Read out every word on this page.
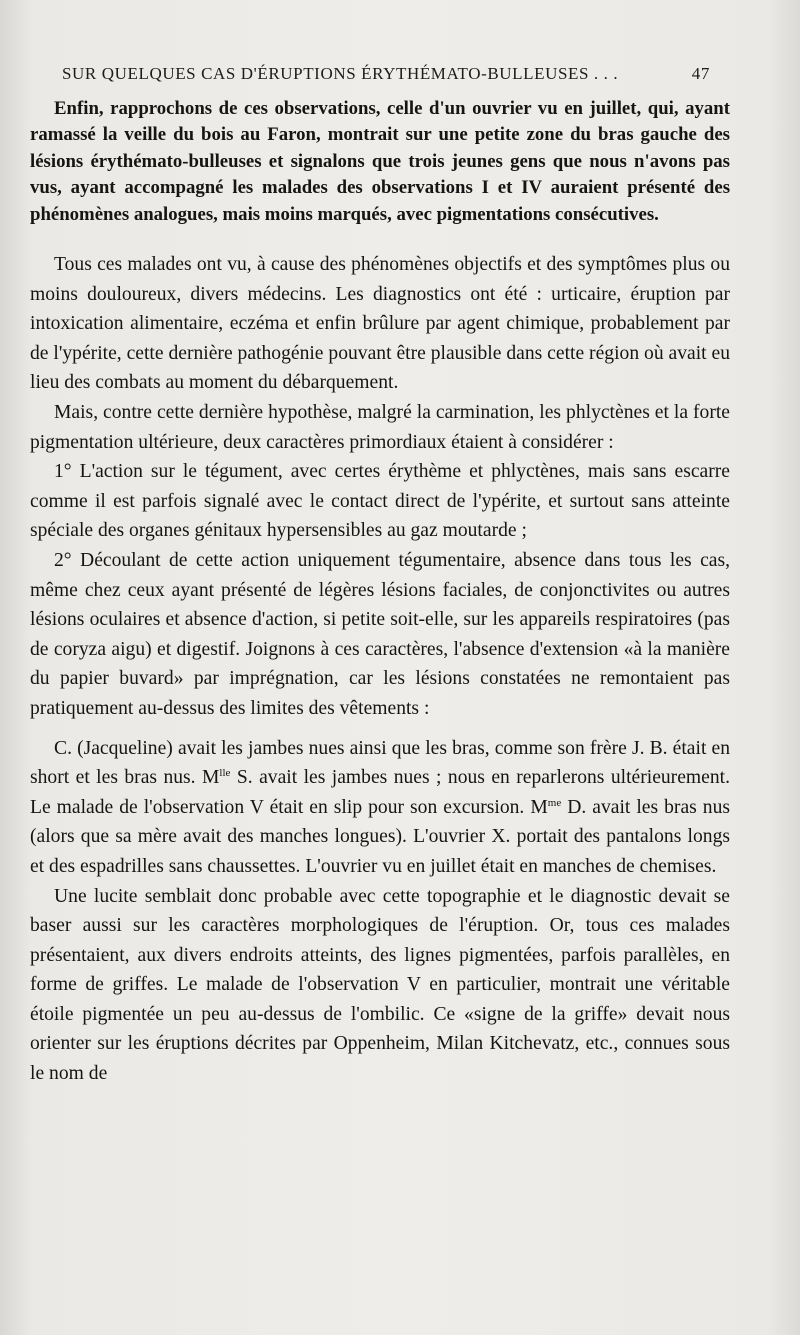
SUR QUELQUES CAS D'ÉRUPTIONS ÉRYTHÉMATO-BULLEUSES . . .	47

Enfin, rapprochons de ces observations, celle d'un ouvrier vu en juillet, qui, ayant ramassé la veille du bois au Faron, montrait sur une petite zone du bras gauche des lésions érythémato-bulleuses et signalons que trois jeunes gens que nous n'avons pas vus, ayant accompagné les malades des observations I et IV auraient présenté des phénomènes analogues, mais moins marqués, avec pigmentations consécutives.

Tous ces malades ont vu, à cause des phénomènes objectifs et des symptômes plus ou moins douloureux, divers médecins. Les diagnostics ont été : urticaire, éruption par intoxication alimentaire, eczéma et enfin brûlure par agent chimique, probablement par de l'ypérite, cette dernière pathogénie pouvant être plausible dans cette région où avait eu lieu des combats au moment du débarquement.

Mais, contre cette dernière hypothèse, malgré la carmination, les phlyctènes et la forte pigmentation ultérieure, deux caractères primordiaux étaient à considérer :

1° L'action sur le tégument, avec certes érythème et phlyctènes, mais sans escarre comme il est parfois signalé avec le contact direct de l'ypérite, et surtout sans atteinte spéciale des organes génitaux hypersensibles au gaz moutarde ;

2° Découlant de cette action uniquement tégumentaire, absence dans tous les cas, même chez ceux ayant présenté de légères lésions faciales, de conjonctivites ou autres lésions oculaires et absence d'action, si petite soit-elle, sur les appareils respiratoires (pas de coryza aigu) et digestif. Joignons à ces caractères, l'absence d'extension «à la manière du papier buvard» par imprégnation, car les lésions constatées ne remontaient pas pratiquement au-dessus des limites des vêtements :

C. (Jacqueline) avait les jambes nues ainsi que les bras, comme son frère J. B. était en short et les bras nus. $M^{lle}$ S. avait les jambes nues ; nous en reparlerons ultérieurement. Le malade de l'observation V était en slip pour son excursion. $M^{me}$ D. avait les bras nus (alors que sa mère avait des manches longues). L'ouvrier X. portait des pantalons longs et des espadrilles sans chaussettes. L'ouvrier vu en juillet était en manches de chemises.

Une lucite semblait donc probable avec cette topographie et le diagnostic devait se baser aussi sur les caractères morphologiques de l'éruption. Or, tous ces malades présentaient, aux divers endroits atteints, des lignes pigmentées, parfois parallèles, en forme de griffes. Le malade de l'observation V en particulier, montrait une véritable étoile pigmentée un peu au-dessus de l'ombilic. Ce «signe de la griffe» devait nous orienter sur les éruptions décrites par Oppenheim, Milan Kitchevatz, etc., connues sous le nom de
